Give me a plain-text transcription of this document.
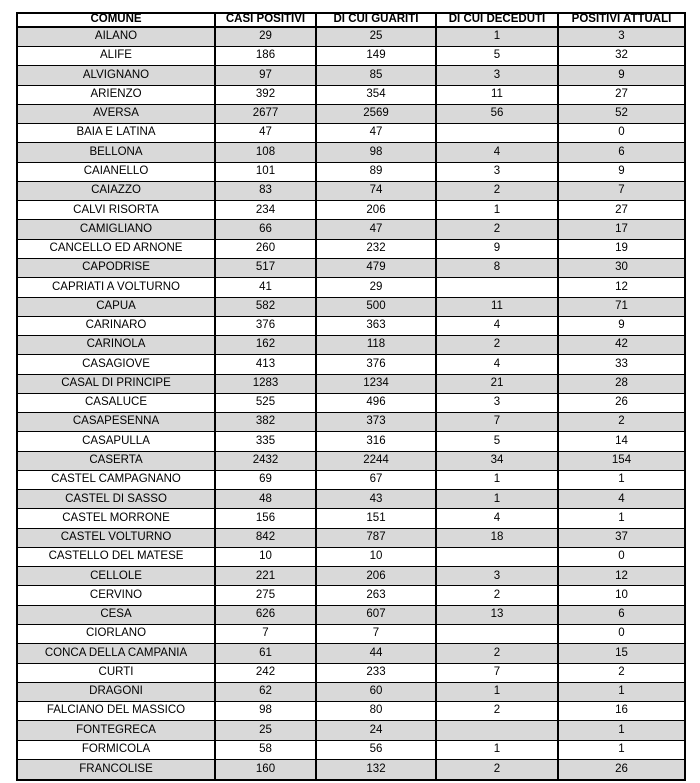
COMUNE	CASI POSITIVI	DI CUI GUARITI	DI CUI DECEDUTI	POSITIVI ATTUALI
AILANO	29	25	1	3
ALIFE	186	149	5	32
ALVIGNANO	97	85	3	9
ARIENZO	392	354	11	27
AVERSA	2677	2569	56	52
BAIA E LATINA	47	47		0
BELLONA	108	98	4	6
CAIANELLO	101	89	3	9
CAIAZZO	83	74	2	7
CALVI RISORTA	234	206	1	27
CAMIGLIANO	66	47	2	17
CANCELLO ED ARNONE	260	232	9	19
CAPODRISE	517	479	8	30
CAPRIATI A VOLTURNO	41	29		12
CAPUA	582	500	11	71
CARINARO	376	363	4	9
CARINOLA	162	118	2	42
CASAGIOVE	413	376	4	33
CASAL DI PRINCIPE	1283	1234	21	28
CASALUCE	525	496	3	26
CASAPESENNA	382	373	7	2
CASAPULLA	335	316	5	14
CASERTA	2432	2244	34	154
CASTEL CAMPAGNANO	69	67	1	1
CASTEL DI SASSO	48	43	1	4
CASTEL MORRONE	156	151	4	1
CASTEL VOLTURNO	842	787	18	37
CASTELLO DEL MATESE	10	10		0
CELLOLE	221	206	3	12
CERVINO	275	263	2	10
CESA	626	607	13	6
CIORLANO	7	7		0
CONCA DELLA CAMPANIA	61	44	2	15
CURTI	242	233	7	2
DRAGONI	62	60	1	1
FALCIANO DEL MASSICO	98	80	2	16
FONTEGRECA	25	24		1
FORMICOLA	58	56	1	1
FRANCOLISE	160	132	2	26
